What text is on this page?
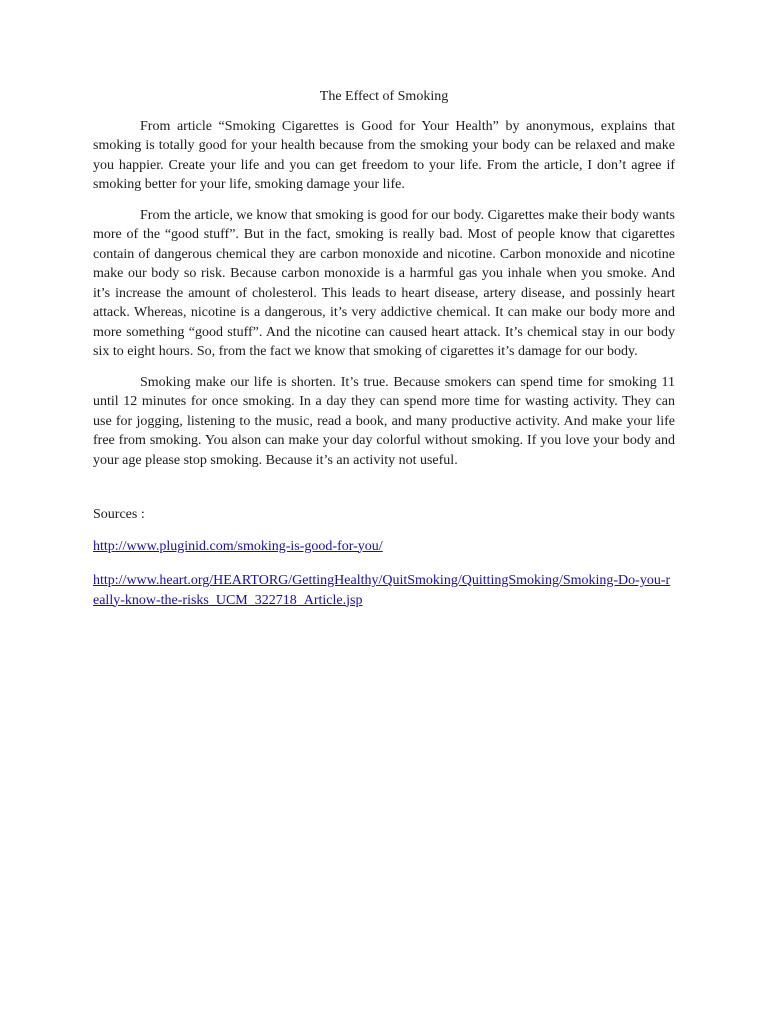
The Effect of Smoking

From article “Smoking Cigarettes is Good for Your Health” by anonymous, explains that smoking is totally good for your health because from the smoking your body can be relaxed and make you happier. Create your life and you can get freedom to your life. From the article, I don’t agree if smoking better for your life, smoking damage your life.

From the article, we know that smoking is good for our body. Cigarettes make their body wants more of the “good stuff”. But in the fact, smoking is really bad. Most of people know that cigarettes contain of dangerous chemical they are carbon monoxide and nicotine. Carbon monoxide and nicotine make our body so risk. Because carbon monoxide is a harmful gas you inhale when you smoke. And it’s increase the amount of cholesterol. This leads to heart disease, artery disease, and possinly heart attack. Whereas, nicotine is a dangerous, it’s very addictive chemical. It can make our body more and more something “good stuff”. And the nicotine can caused heart attack. It’s chemical stay in our body six to eight hours. So, from the fact we know that smoking of cigarettes it’s damage for our body.

Smoking make our life is shorten. It’s true. Because smokers can spend time for smoking 11 until 12 minutes for once smoking. In a day they can spend more time for wasting activity. They can use for jogging, listening to the music, read a book, and many productive activity. And make your life free from smoking. You alson can make your day colorful without smoking. If you love your body and your age please stop smoking. Because it’s an activity not useful.

Sources :
http://www.pluginid.com/smoking-is-good-for-you/
http://www.heart.org/HEARTORG/GettingHealthy/QuitSmoking/QuittingSmoking/Smoking-Do-you-really-know-the-risks_UCM_322718_Article.jsp
